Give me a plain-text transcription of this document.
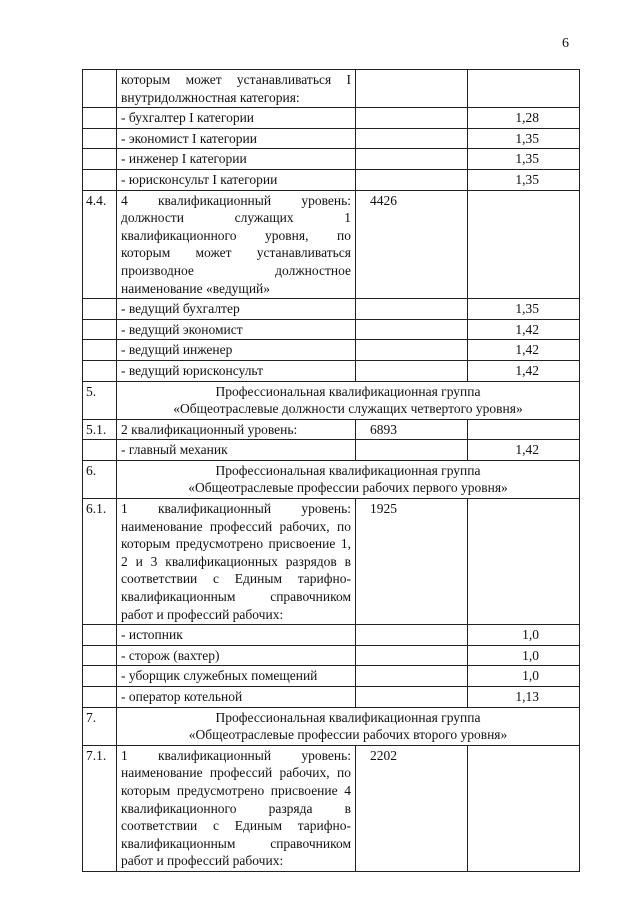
6
	которым может устанавливаться I внутридолжностная категория:		
	- бухгалтер I категории		1,28
	- экономист I категории		1,35
	- инженер I категории		1,35
	- юрисконсульт I категории		1,35
4.4.	4 квалификационный уровень: должности служащих 1 квалификационного уровня, по которым может устанавливаться производное должностное наименование «ведущий»	4426	
	- ведущий бухгалтер		1,35
	- ведущий экономист		1,42
	- ведущий инженер		1,42
	- ведущий юрисконсульт		1,42
5.	Профессиональная квалификационная группа
«Общеотраслевые должности служащих четвертого уровня»		

5.1.	2 квалификационный уровень:	6893	
	- главный механик		1,42
6.	Профессиональная квалификационная группа
«Общеотраслевые профессии рабочих первого уровня»		

6.1.	1 квалификационный уровень: наименование профессий рабочих, по которым предусмотрено присвоение 1, 2 и 3 квалификационных разрядов в соответствии с Единым тарифно-квалификационным справочником работ и профессий рабочих:	1925	
	- истопник		1,0
	- сторож (вахтер)		1,0
	- уборщик служебных помещений		1,0
	- оператор котельной		1,13
7.	Профессиональная квалификационная группа
«Общеотраслевые профессии рабочих второго уровня»		

7.1.	1 квалификационный уровень: наименование профессий рабочих, по которым предусмотрено присвоение 4 квалификационного разряда в соответствии с Единым тарифно-квалификационным справочником работ и профессий рабочих:	2202	
